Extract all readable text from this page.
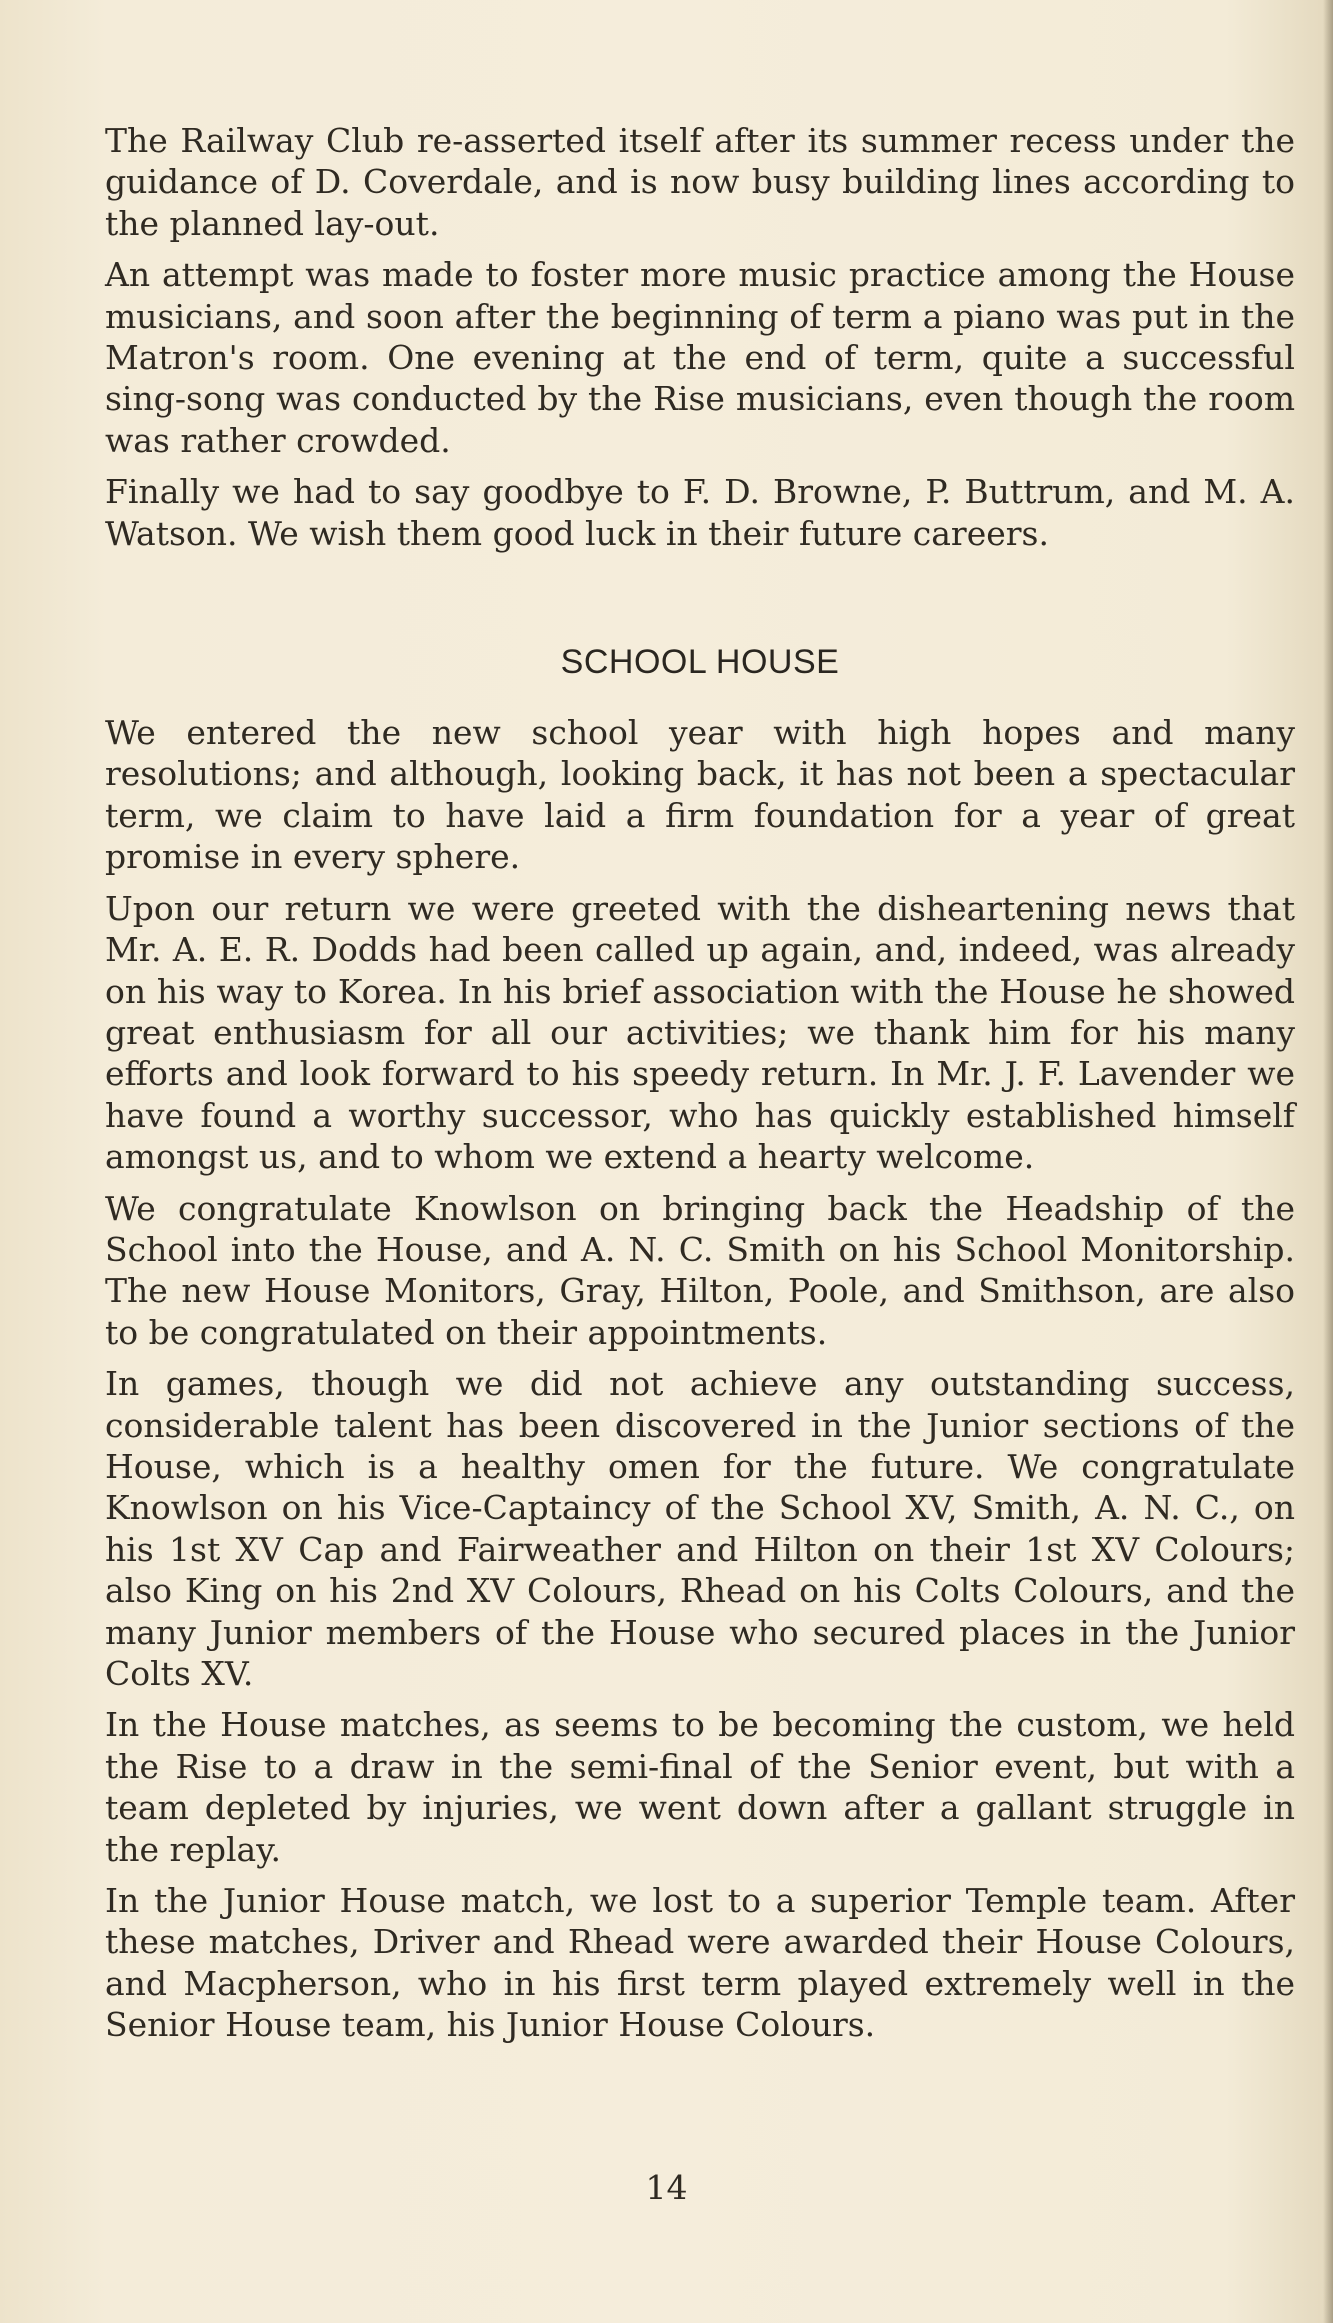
The Railway Club re-asserted itself after its summer recess under the guidance of D. Coverdale, and is now busy building lines according to the planned lay-out.

An attempt was made to foster more music practice among the House musicians, and soon after the beginning of term a piano was put in the Matron's room. One evening at the end of term, quite a successful sing-song was conducted by the Rise musicians, even though the room was rather crowded.

Finally we had to say goodbye to F. D. Browne, P. Buttrum, and M. A. Watson. We wish them good luck in their future careers.

SCHOOL HOUSE

We entered the new school year with high hopes and many resolutions; and although, looking back, it has not been a spectacular term, we claim to have laid a firm foundation for a year of great promise in every sphere.

Upon our return we were greeted with the disheartening news that Mr. A. E. R. Dodds had been called up again, and, indeed, was already on his way to Korea. In his brief association with the House he showed great enthusiasm for all our activities; we thank him for his many efforts and look forward to his speedy return. In Mr. J. F. Lavender we have found a worthy successor, who has quickly established himself amongst us, and to whom we extend a hearty welcome.

We congratulate Knowlson on bringing back the Headship of the School into the House, and A. N. C. Smith on his School Monitorship. The new House Monitors, Gray, Hilton, Poole, and Smithson, are also to be congratulated on their appointments.

In games, though we did not achieve any outstanding success, considerable talent has been discovered in the Junior sections of the House, which is a healthy omen for the future. We congratulate Knowlson on his Vice-Captaincy of the School XV, Smith, A. N. C., on his 1st XV Cap and Fairweather and Hilton on their 1st XV Colours; also King on his 2nd XV Colours, Rhead on his Colts Colours, and the many Junior members of the House who secured places in the Junior Colts XV.

In the House matches, as seems to be becoming the custom, we held the Rise to a draw in the semi-final of the Senior event, but with a team depleted by injuries, we went down after a gallant struggle in the replay.

In the Junior House match, we lost to a superior Temple team. After these matches, Driver and Rhead were awarded their House Colours, and Macpherson, who in his first term played extremely well in the Senior House team, his Junior House Colours.

14
